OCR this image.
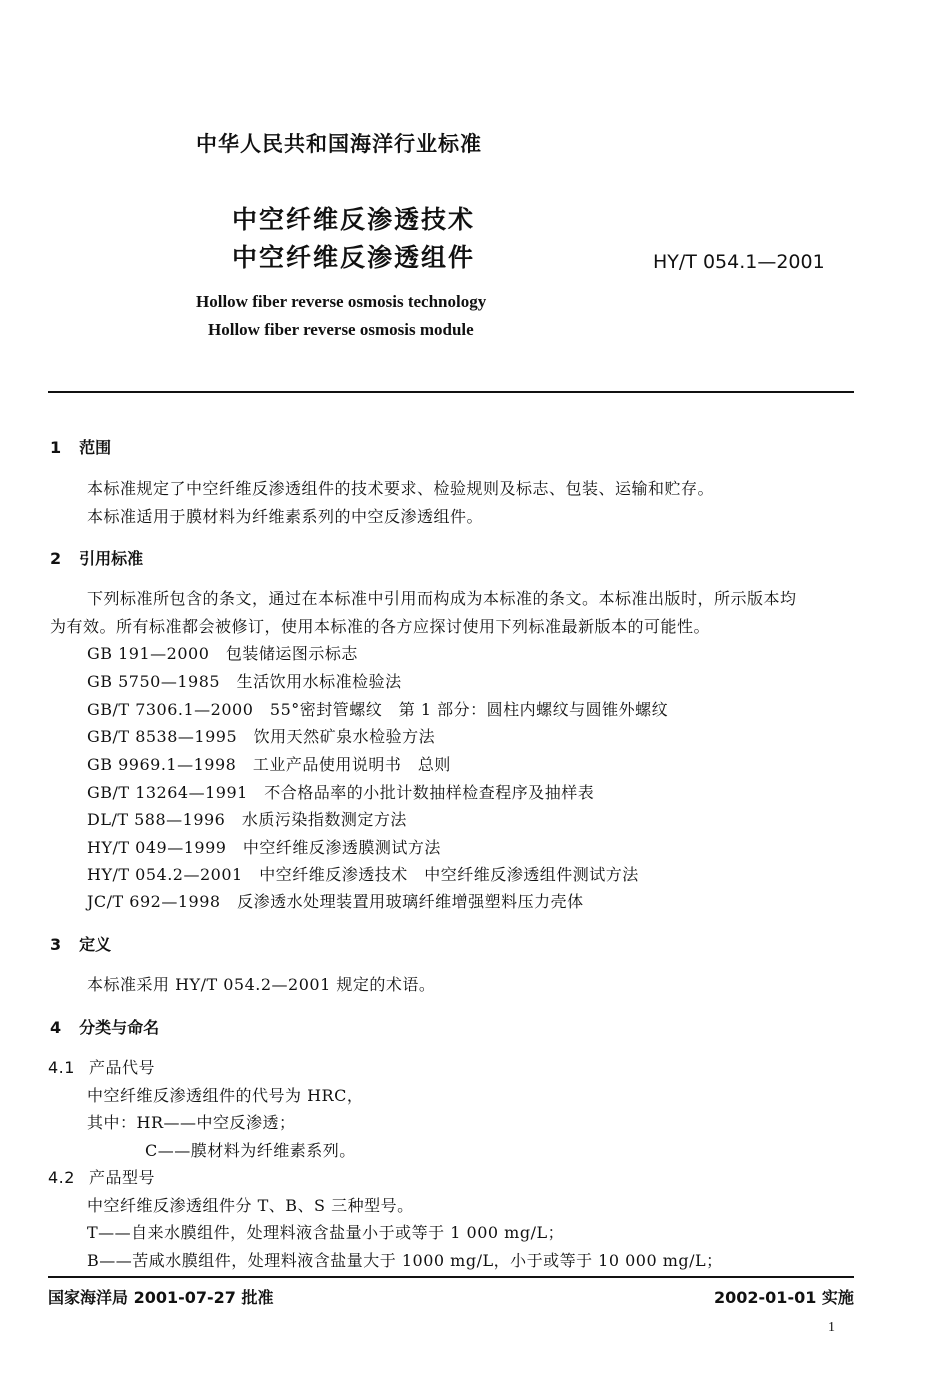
中华人民共和国海洋行业标准
中空纤维反渗透技术
中空纤维反渗透组件	HY/T 054.1—2001
Hollow fiber reverse osmosis technology
Hollow fiber reverse osmosis module
1 范围
本标准规定了中空纤维反渗透组件的技术要求、检验规则及标志、包装、运输和贮存。
本标准适用于膜材料为纤维素系列的中空反渗透组件。
2 引用标准
下列标准所包含的条文，通过在本标准中引用而构成为本标准的条文。本标准出版时，所示版本均
为有效。所有标准都会被修订，使用本标准的各方应探讨使用下列标准最新版本的可能性。
GB 191—2000　包装储运图示标志
GB 5750—1985　生活饮用水标准检验法
GB/T 7306.1—2000　55°密封管螺纹　第 1 部分：圆柱内螺纹与圆锥外螺纹
GB/T 8538—1995　饮用天然矿泉水检验方法
GB 9969.1—1998　工业产品使用说明书　总则
GB/T 13264—1991　不合格品率的小批计数抽样检查程序及抽样表
DL/T 588—1996　水质污染指数测定方法
HY/T 049—1999　中空纤维反渗透膜测试方法
HY/T 054.2—2001　中空纤维反渗透技术　中空纤维反渗透组件测试方法
JC/T 692—1998　反渗透水处理装置用玻璃纤维增强塑料压力壳体
3 定义
本标准采用 HY/T 054.2—2001 规定的术语。
4 分类与命名
4.1 产品代号
中空纤维反渗透组件的代号为 HRC，
其中：HR——中空反渗透；
C——膜材料为纤维素系列。
4.2 产品型号
中空纤维反渗透组件分 T、B、S 三种型号。
T——自来水膜组件，处理料液含盐量小于或等于 1 000 mg/L；
B——苦咸水膜组件，处理料液含盐量大于 1000 mg/L，小于或等于 10 000 mg/L；
国家海洋局 2001-07-27 批准	2002-01-01 实施
1
